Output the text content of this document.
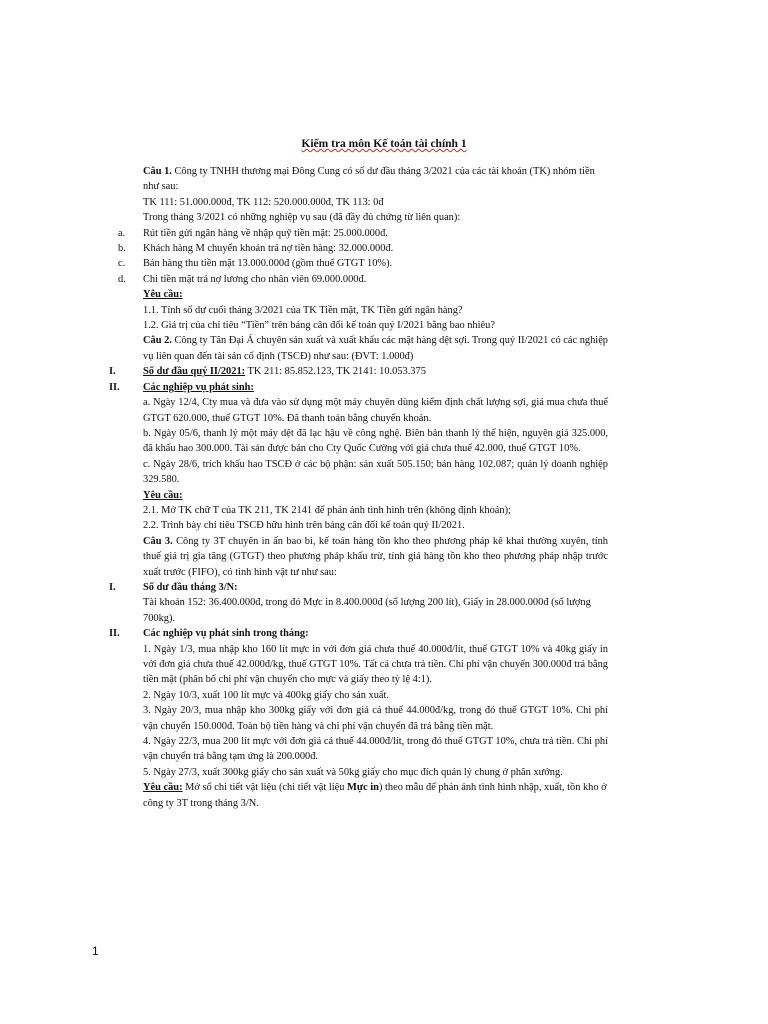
Kiểm tra môn Kế toán tài chính 1

Câu 1. Công ty TNHH thương mại Đông Cung có số dư đầu tháng 3/2021 của các tài khoản (TK) nhóm tiền như sau:

TK 111: 51.000.000đ, TK 112: 520.000.000đ, TK 113: 0đ

Trong tháng 3/2021 có những nghiệp vụ sau (đã đầy đủ chứng từ liên quan):

a. Rút tiền gửi ngân hàng về nhập quỹ tiền mặt: 25.000.000đ.
b. Khách hàng M chuyển khoản trả nợ tiền hàng: 32.000.000đ.
c. Bán hàng thu tiền mặt 13.000.000đ (gồm thuế GTGT 10%).
d. Chi tiền mặt trả nợ lương cho nhân viên 69.000.000đ.

Yêu cầu:

1.1. Tính số dư cuối tháng 3/2021 của TK Tiền mặt, TK Tiền gửi ngân hàng?

1.2. Giá trị của chỉ tiêu “Tiền” trên bảng cân đối kế toán quý I/2021 bằng bao nhiêu?

Câu 2. Công ty Tân Đại Á chuyên sản xuất và xuất khẩu các mặt hàng dệt sợi. Trong quý II/2021 có các nghiệp vụ liên quan đến tài sản cố định (TSCĐ) như sau: (ĐVT: 1.000đ)

I.	Số dư đầu quý II/2021: TK 211: 85.852.123, TK 2141: 10.053.375

II. Các nghiệp vụ phát sinh:

a. Ngày 12/4, Cty mua và đưa vào sử dụng một máy chuyên dùng kiểm định chất lượng sợi, giá mua chưa thuế GTGT 620.000, thuế GTGT 10%. Đã thanh toán bằng chuyển khoản.

b. Ngày 05/6, thanh lý một máy dệt đã lạc hậu về công nghệ. Biên bản thanh lý thể hiện, nguyên giá 325.000, đã khấu hao 300.000. Tài sản được bán cho Cty Quốc Cường với giá chưa thuế 42.000, thuế GTGT 10%.

c. Ngày 28/6, trích khấu hao TSCĐ ở các bộ phận: sản xuất 505.150; bán hàng 102.087; quản lý doanh nghiệp 329.580.

Yêu cầu:

2.1. Mở TK chữ T của TK 211, TK 2141 để phản ánh tình hình trên (không định khoản);

2.2. Trình bày chỉ tiêu TSCĐ hữu hình trên bảng cân đối kế toán quý II/2021.

Câu 3. Công ty 3T chuyên in ấn bao bì, kế toán hàng tồn kho theo phương pháp kê khai thường xuyên, tính thuế giá trị gia tăng (GTGT) theo phương pháp khấu trừ, tính giá hàng tồn kho theo phương pháp nhập trước xuất trước (FIFO), có tình hình vật tư như sau:

I.	Số dư đầu tháng 3/N:

Tài khoản 152: 36.400.000đ, trong đó Mực in 8.400.000đ (số lượng 200 lít), Giấy in 28.000.000đ (số lượng 700kg).

II. Các nghiệp vụ phát sinh trong tháng:

1. Ngày 1/3, mua nhập kho 160 lít mực in với đơn giá chưa thuế 40.000đ/lít, thuế GTGT 10% và 40kg giấy in với đơn giá chưa thuế 42.000đ/kg, thuế GTGT 10%. Tất cả chưa trả tiền. Chi phí vận chuyển 300.000đ trả bằng tiền mặt (phân bổ chi phí vận chuyển cho mực và giấy theo tỷ lệ 4:1).

2. Ngày 10/3, xuất 100 lít mực và 400kg giấy cho sản xuất.

3. Ngày 20/3, mua nhập kho 300kg giấy với đơn giá cả thuế 44.000đ/kg, trong đó thuế GTGT 10%. Chi phí vận chuyển 150.000đ. Toàn bộ tiền hàng và chi phí vận chuyển đã trả bằng tiền mặt.

4. Ngày 22/3, mua 200 lít mực với đơn giá cả thuế 44.000đ/lít, trong đó thuế GTGT 10%, chưa trả tiền. Chi phí vận chuyển trả bằng tạm ứng là 200.000đ.

5. Ngày 27/3, xuất 300kg giấy cho sản xuất và 50kg giấy cho mục đích quản lý chung ở phân xưởng.

Yêu cầu: Mở sổ chi tiết vật liệu (chi tiết vật liệu Mực in) theo mẫu để phản ánh tình hình nhập, xuất, tồn kho ở công ty 3T trong tháng 3/N.

1
